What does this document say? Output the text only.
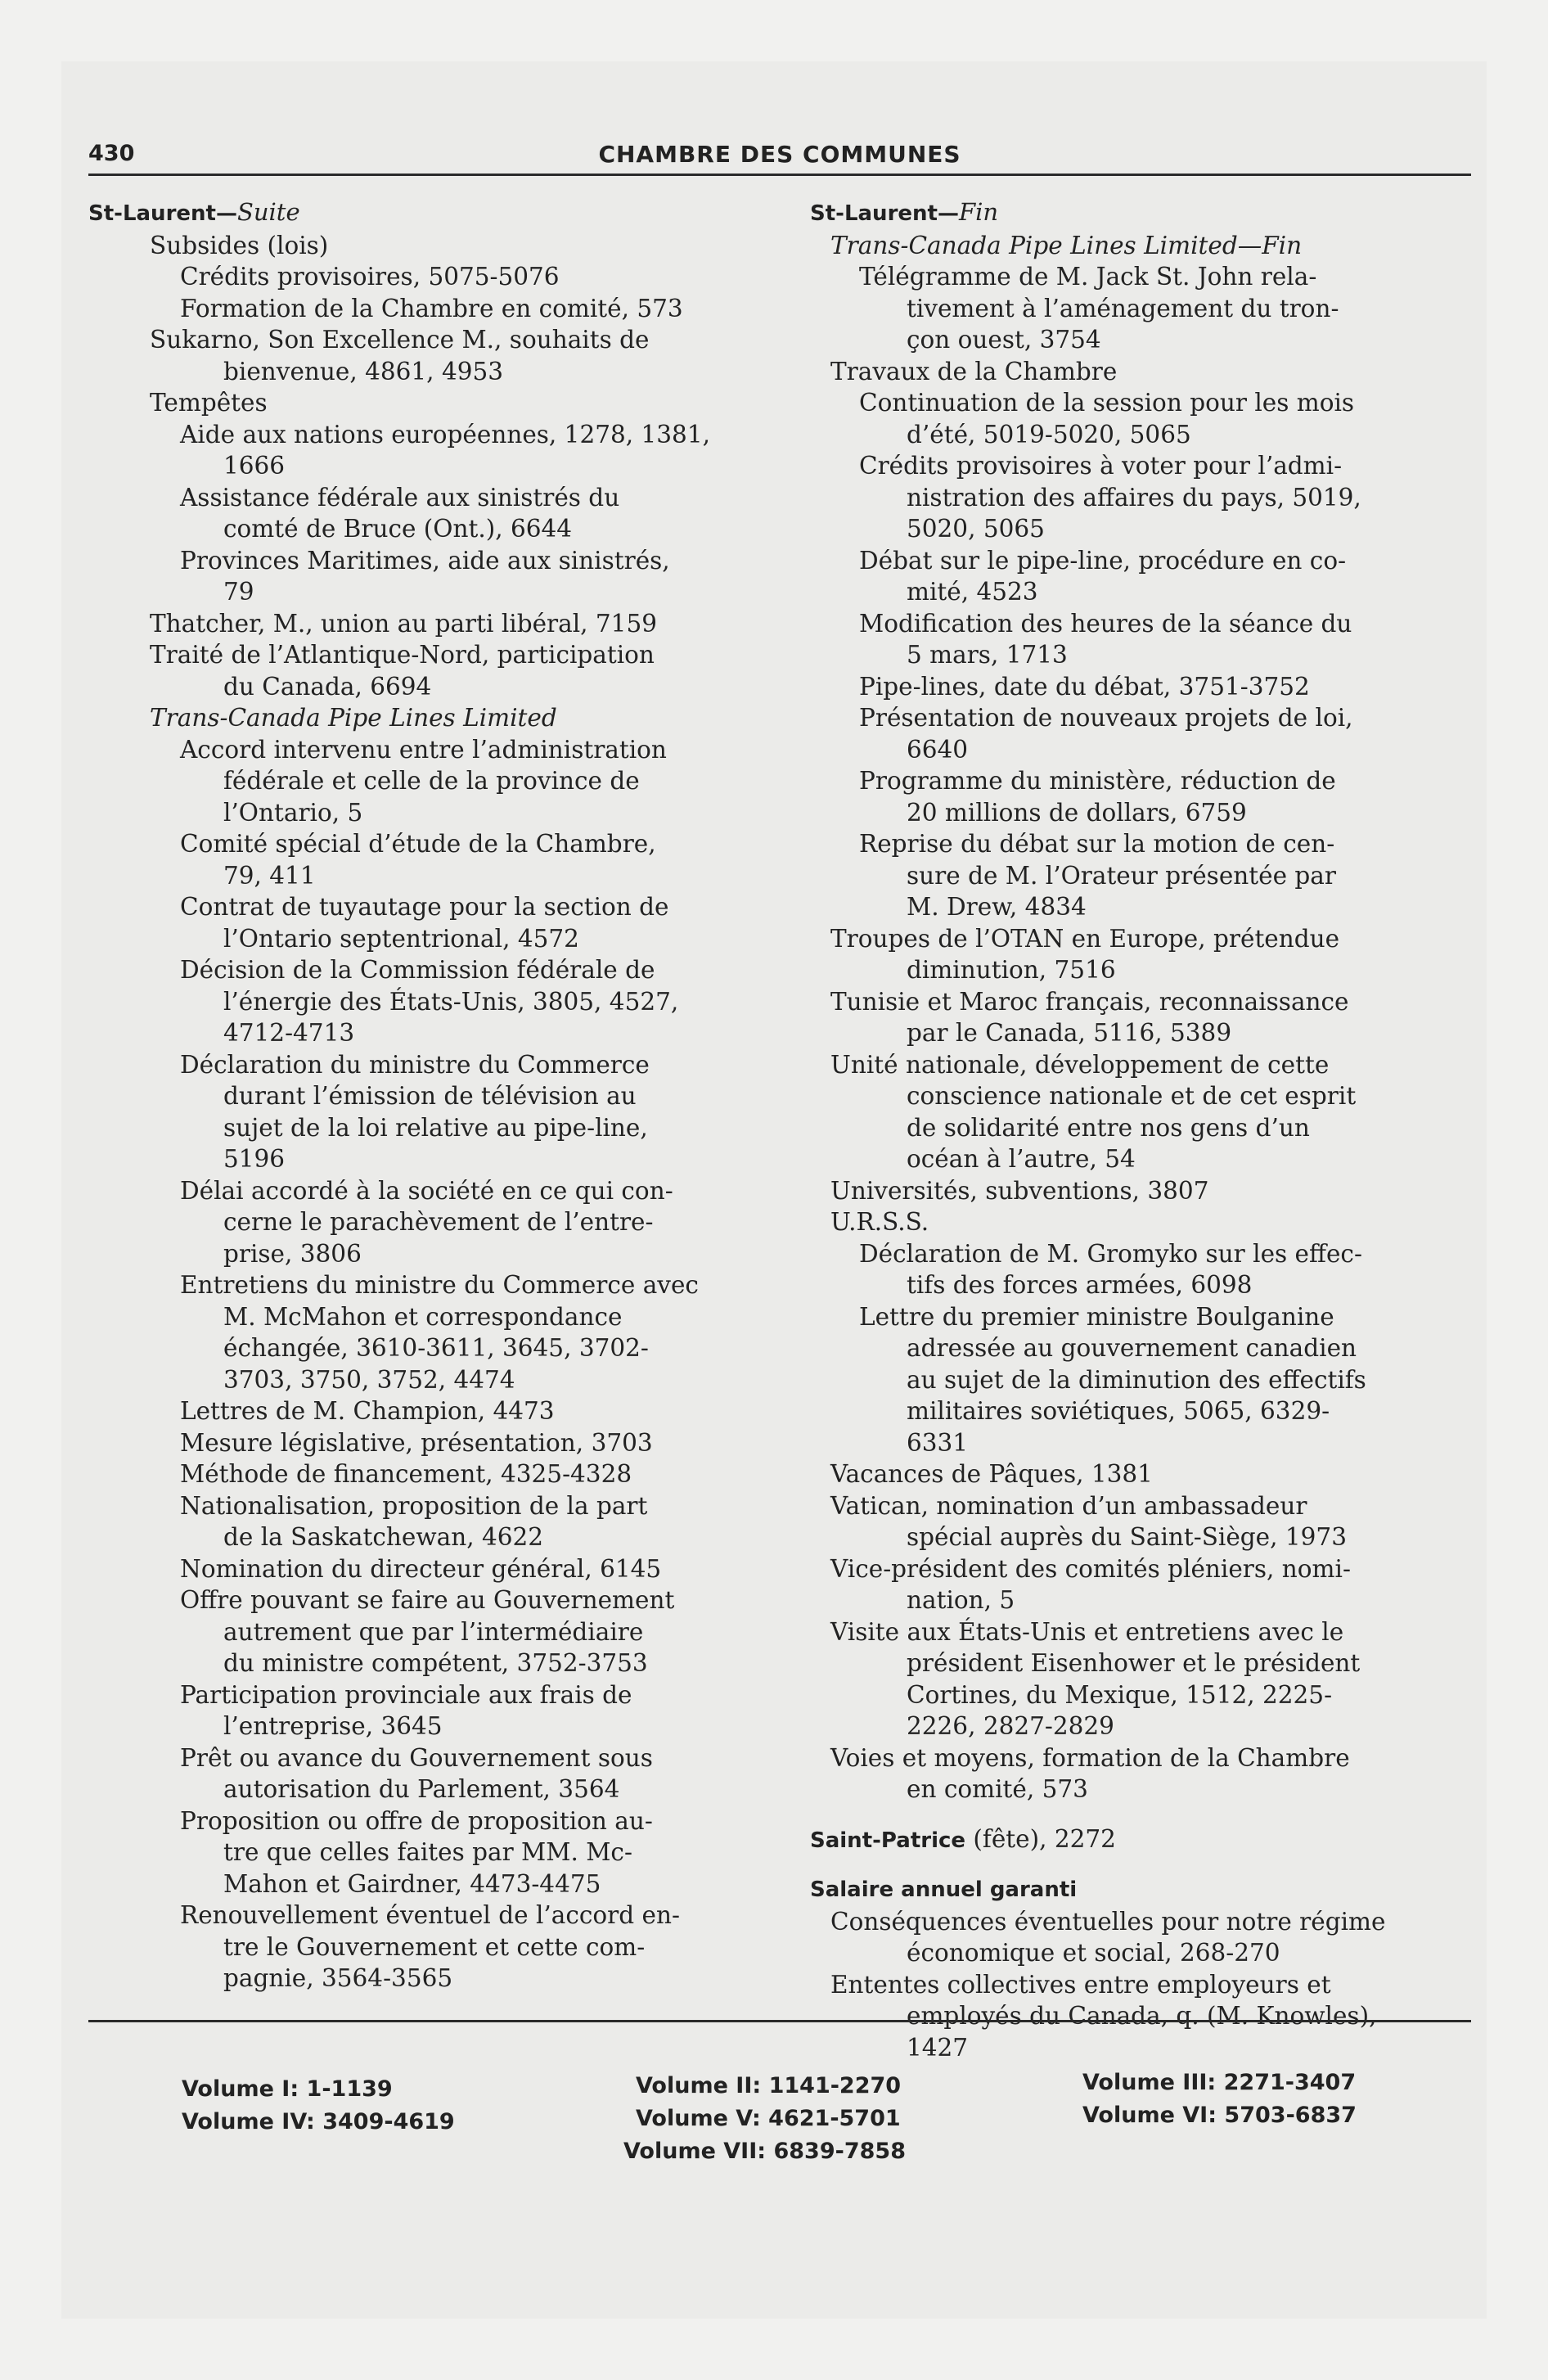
430	CHAMBRE DES COMMUNES
St-Laurent—Suite
Subsides (lois)
Crédits provisoires, 5075-5076
Formation de la Chambre en comité, 573
Sukarno, Son Excellence M., souhaits de
bienvenue, 4861, 4953
Tempêtes
Aide aux nations européennes, 1278, 1381,
1666
Assistance fédérale aux sinistrés du
comté de Bruce (Ont.), 6644
Provinces Maritimes, aide aux sinistrés,
79
Thatcher, M., union au parti libéral, 7159
Traité de l’Atlantique-Nord, participation
du Canada, 6694
Trans-Canada Pipe Lines Limited
Accord intervenu entre l’administration
fédérale et celle de la province de
l’Ontario, 5
Comité spécial d’étude de la Chambre,
79, 411
Contrat de tuyautage pour la section de
l’Ontario septentrional, 4572
Décision de la Commission fédérale de
l’énergie des États-Unis, 3805, 4527,
4712-4713
Déclaration du ministre du Commerce
durant l’émission de télévision au
sujet de la loi relative au pipe-line,
5196
Délai accordé à la société en ce qui con-
cerne le parachèvement de l’entre-
prise, 3806
Entretiens du ministre du Commerce avec
M. McMahon et correspondance
échangée, 3610-3611, 3645, 3702-
3703, 3750, 3752, 4474
Lettres de M. Champion, 4473
Mesure législative, présentation, 3703
Méthode de financement, 4325-4328
Nationalisation, proposition de la part
de la Saskatchewan, 4622
Nomination du directeur général, 6145
Offre pouvant se faire au Gouvernement
autrement que par l’intermédiaire
du ministre compétent, 3752-3753
Participation provinciale aux frais de
l’entreprise, 3645
Prêt ou avance du Gouvernement sous
autorisation du Parlement, 3564
Proposition ou offre de proposition au-
tre que celles faites par MM. Mc-
Mahon et Gairdner, 4473-4475
Renouvellement éventuel de l’accord en-
tre le Gouvernement et cette com-
pagnie, 3564-3565
St-Laurent—Fin
Trans-Canada Pipe Lines Limited—Fin
Télégramme de M. Jack St. John rela-
tivement à l’aménagement du tron-
çon ouest, 3754
Travaux de la Chambre
Continuation de la session pour les mois
d’été, 5019-5020, 5065
Crédits provisoires à voter pour l’admi-
nistration des affaires du pays, 5019,
5020, 5065
Débat sur le pipe-line, procédure en co-
mité, 4523
Modification des heures de la séance du
5 mars, 1713
Pipe-lines, date du débat, 3751-3752
Présentation de nouveaux projets de loi,
6640
Programme du ministère, réduction de
20 millions de dollars, 6759
Reprise du débat sur la motion de cen-
sure de M. l’Orateur présentée par
M. Drew, 4834
Troupes de l’OTAN en Europe, prétendue
diminution, 7516
Tunisie et Maroc français, reconnaissance
par le Canada, 5116, 5389
Unité nationale, développement de cette
conscience nationale et de cet esprit
de solidarité entre nos gens d’un
océan à l’autre, 54
Universités, subventions, 3807
U.R.S.S.
Déclaration de M. Gromyko sur les effec-
tifs des forces armées, 6098
Lettre du premier ministre Boulganine
adressée au gouvernement canadien
au sujet de la diminution des effectifs
militaires soviétiques, 5065, 6329-
6331
Vacances de Pâques, 1381
Vatican, nomination d’un ambassadeur
spécial auprès du Saint-Siège, 1973
Vice-président des comités pléniers, nomi-
nation, 5
Visite aux États-Unis et entretiens avec le
président Eisenhower et le président
Cortines, du Mexique, 1512, 2225-
2226, 2827-2829
Voies et moyens, formation de la Chambre
en comité, 573
Saint-Patrice (fête), 2272
Salaire annuel garanti
Conséquences éventuelles pour notre régime
économique et social, 268-270
Ententes collectives entre employeurs et
employés du Canada, q. (M. Knowles),
1427
Volume I: 1-1139
Volume IV: 3409-4619
Volume II: 1141-2270
Volume V: 4621-5701
Volume VII: 6839-7858
Volume III: 2271-3407
Volume VI: 5703-6837
